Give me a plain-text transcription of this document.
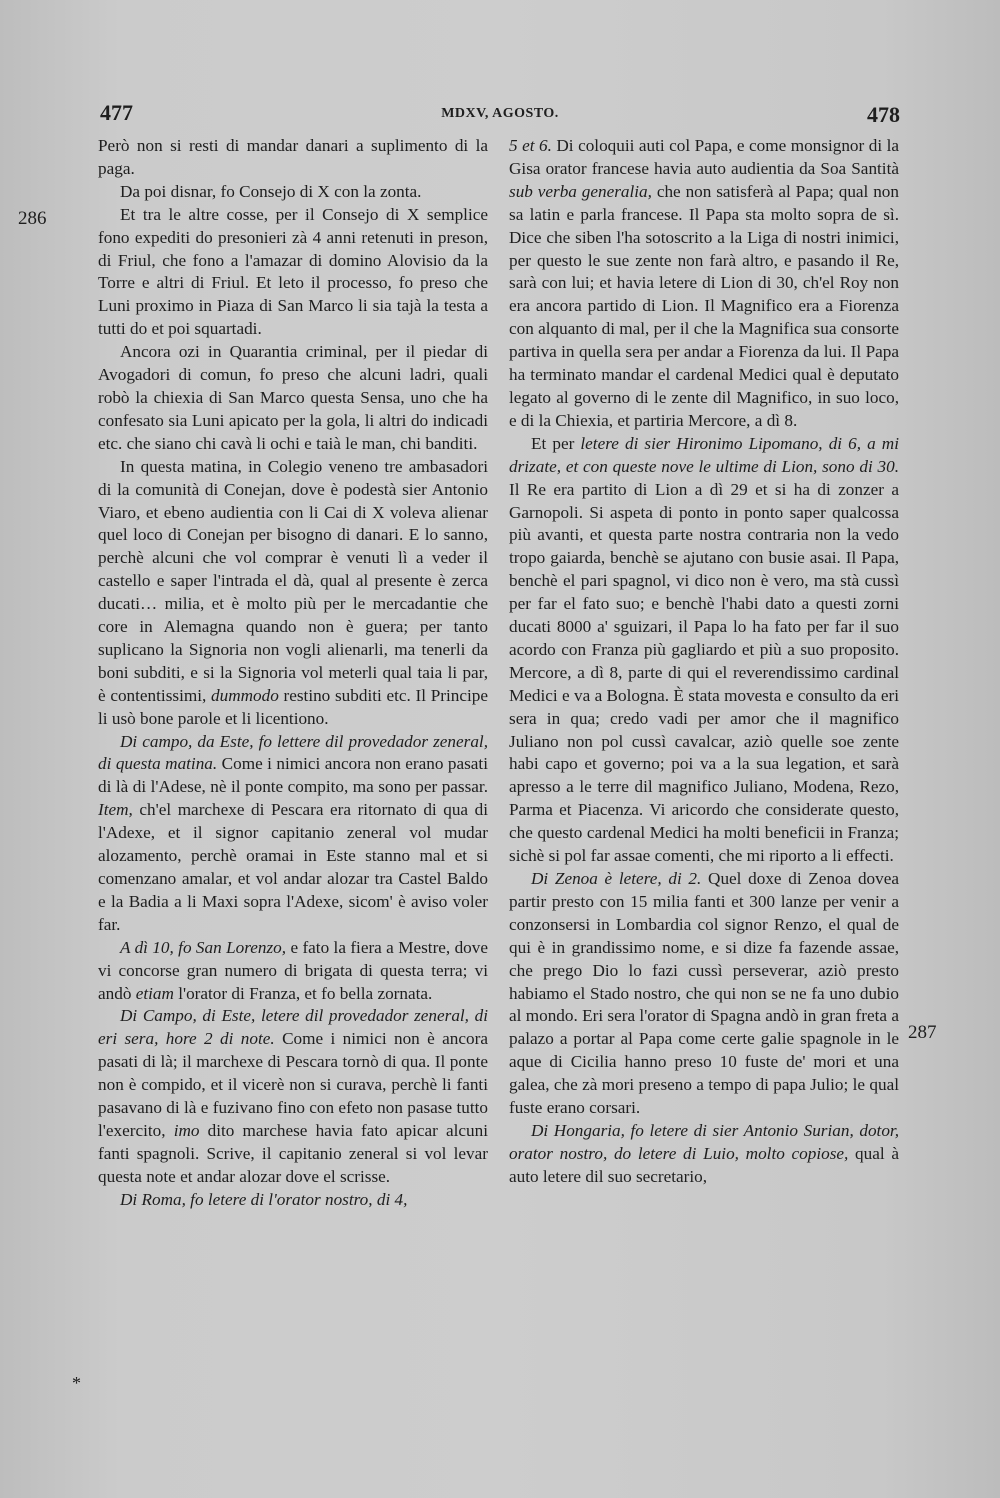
477	MDXV, AGOSTO.	478
286
287
*

Però non si resti di mandar danari a suplimento di la paga.

Da poi disnar, fo Consejo di X con la zonta.

Et tra le altre cosse, per il Consejo di X semplice fono expediti do presonieri zà 4 anni retenuti in preson, di Friul, che fono a l'amazar di domino Alovisio da la Torre e altri di Friul. Et leto il processo, fo preso che Luni proximo in Piaza di San Marco li sia tajà la testa a tutti do et poi squartadi.

Ancora ozi in Quarantia criminal, per il piedar di Avogadori di comun, fo preso che alcuni ladri, quali robò la chiexia di San Marco questa Sensa, uno che ha confesato sia Luni apicato per la gola, li altri do indicadi etc. che siano chi cavà li ochi e taià le man, chi banditi.

In questa matina, in Colegio veneno tre ambasadori di la comunità di Conejan, dove è podestà sier Antonio Viaro, et ebeno audientia con li Cai di X voleva alienar quel loco di Conejan per bisogno di danari. E lo sanno, perchè alcuni che vol comprar è venuti lì a veder il castello e saper l'intrada el dà, qual al presente è zerca ducati… milia, et è molto più per le mercadantie che core in Alemagna quando non è guera; per tanto suplicano la Signoria non vogli alienarli, ma tenerli da boni subditi, e si la Signoria vol meterli qual taia li par, è contentissimi, dummodo restino subditi etc. Il Principe li usò bone parole et li licentiono.

Di campo, da Este, fo lettere dil provedador zeneral, di questa matina. Come i nimici ancora non erano pasati di là di l'Adese, nè il ponte compito, ma sono per passar. Item, ch'el marchexe di Pescara era ritornato di qua di l'Adexe, et il signor capitanio zeneral vol mudar alozamento, perchè oramai in Este stanno mal et si comenzano amalar, et vol andar alozar tra Castel Baldo e la Badia a li Maxi sopra l'Adexe, sicom' è aviso voler far.

A dì 10, fo San Lorenzo, e fato la fiera a Mestre, dove vi concorse gran numero di brigata di questa terra; vi andò etiam l'orator di Franza, et fo bella zornata.

Di Campo, di Este, letere dil provedador zeneral, di eri sera, hore 2 di note. Come i nimici non è ancora pasati di là; il marchexe di Pescara tornò di qua. Il ponte non è compido, et il vicerè non si curava, perchè li fanti pasavano di là e fuzivano fino con efeto non pasase tutto l'exercito, imo dito marchese havia fato apicar alcuni fanti spagnoli. Scrive, il capitanio zeneral si vol levar questa note et andar alozar dove el scrisse.

Di Roma, fo letere di l'orator nostro, di 4,

5 et 6. Di coloquii auti col Papa, e come monsignor di la Gisa orator francese havia auto audientia da Soa Santità sub verba generalia, che non satisferà al Papa; qual non sa latin e parla francese. Il Papa sta molto sopra de sì. Dice che siben l'ha sotoscrito a la Liga di nostri inimici, per questo le sue zente non farà altro, e pasando il Re, sarà con lui; et havia letere di Lion di 30, ch'el Roy non era ancora partido di Lion. Il Magnifico era a Fiorenza con alquanto di mal, per il che la Magnifica sua consorte partiva in quella sera per andar a Fiorenza da lui. Il Papa ha terminato mandar el cardenal Medici qual è deputato legato al governo di le zente dil Magnifico, in suo loco, e di la Chiexia, et partiria Mercore, a dì 8.

Et per letere di sier Hironimo Lipomano, di 6, a mi drizate, et con queste nove le ultime di Lion, sono di 30. Il Re era partito di Lion a dì 29 et si ha di zonzer a Garnopoli. Si aspeta di ponto in ponto saper qualcossa più avanti, et questa parte nostra contraria non la vedo tropo gaiarda, benchè se ajutano con busie asai. Il Papa, benchè el pari spagnol, vi dico non è vero, ma stà cussì per far el fato suo; e benchè l'habi dato a questi zorni ducati 8000 a' sguizari, il Papa lo ha fato per far il suo acordo con Franza più gagliardo et più a suo proposito. Mercore, a dì 8, parte di qui el reverendissimo cardinal Medici e va a Bologna. È stata movesta e consulto da eri sera in qua; credo vadi per amor che il magnifico Juliano non pol cussì cavalcar, aziò quelle soe zente habi capo et governo; poi va a la sua legation, et sarà apresso a le terre dil magnifico Juliano, Modena, Rezo, Parma et Piacenza. Vi aricordo che considerate questo, che questo cardenal Medici ha molti beneficii in Franza; sichè si pol far assae comenti, che mi riporto a li effecti.

Di Zenoa è letere, di 2. Quel doxe di Zenoa dovea partir presto con 15 milia fanti et 300 lanze per venir a conzonsersi in Lombardia col signor Renzo, el qual de qui è in grandissimo nome, e si dize fa fazende assae, che prego Dio lo fazi cussì perseverar, aziò presto habiamo el Stado nostro, che qui non se ne fa uno dubio al mondo. Eri sera l'orator di Spagna andò in gran freta a palazo a portar al Papa come certe galie spagnole in le aque di Cicilia hanno preso 10 fuste de' mori et una galea, che zà mori preseno a tempo di papa Julio; le qual fuste erano corsari.

Di Hongaria, fo letere di sier Antonio Surian, dotor, orator nostro, do letere di Luio, molto copiose, qual à auto letere dil suo secretario,
